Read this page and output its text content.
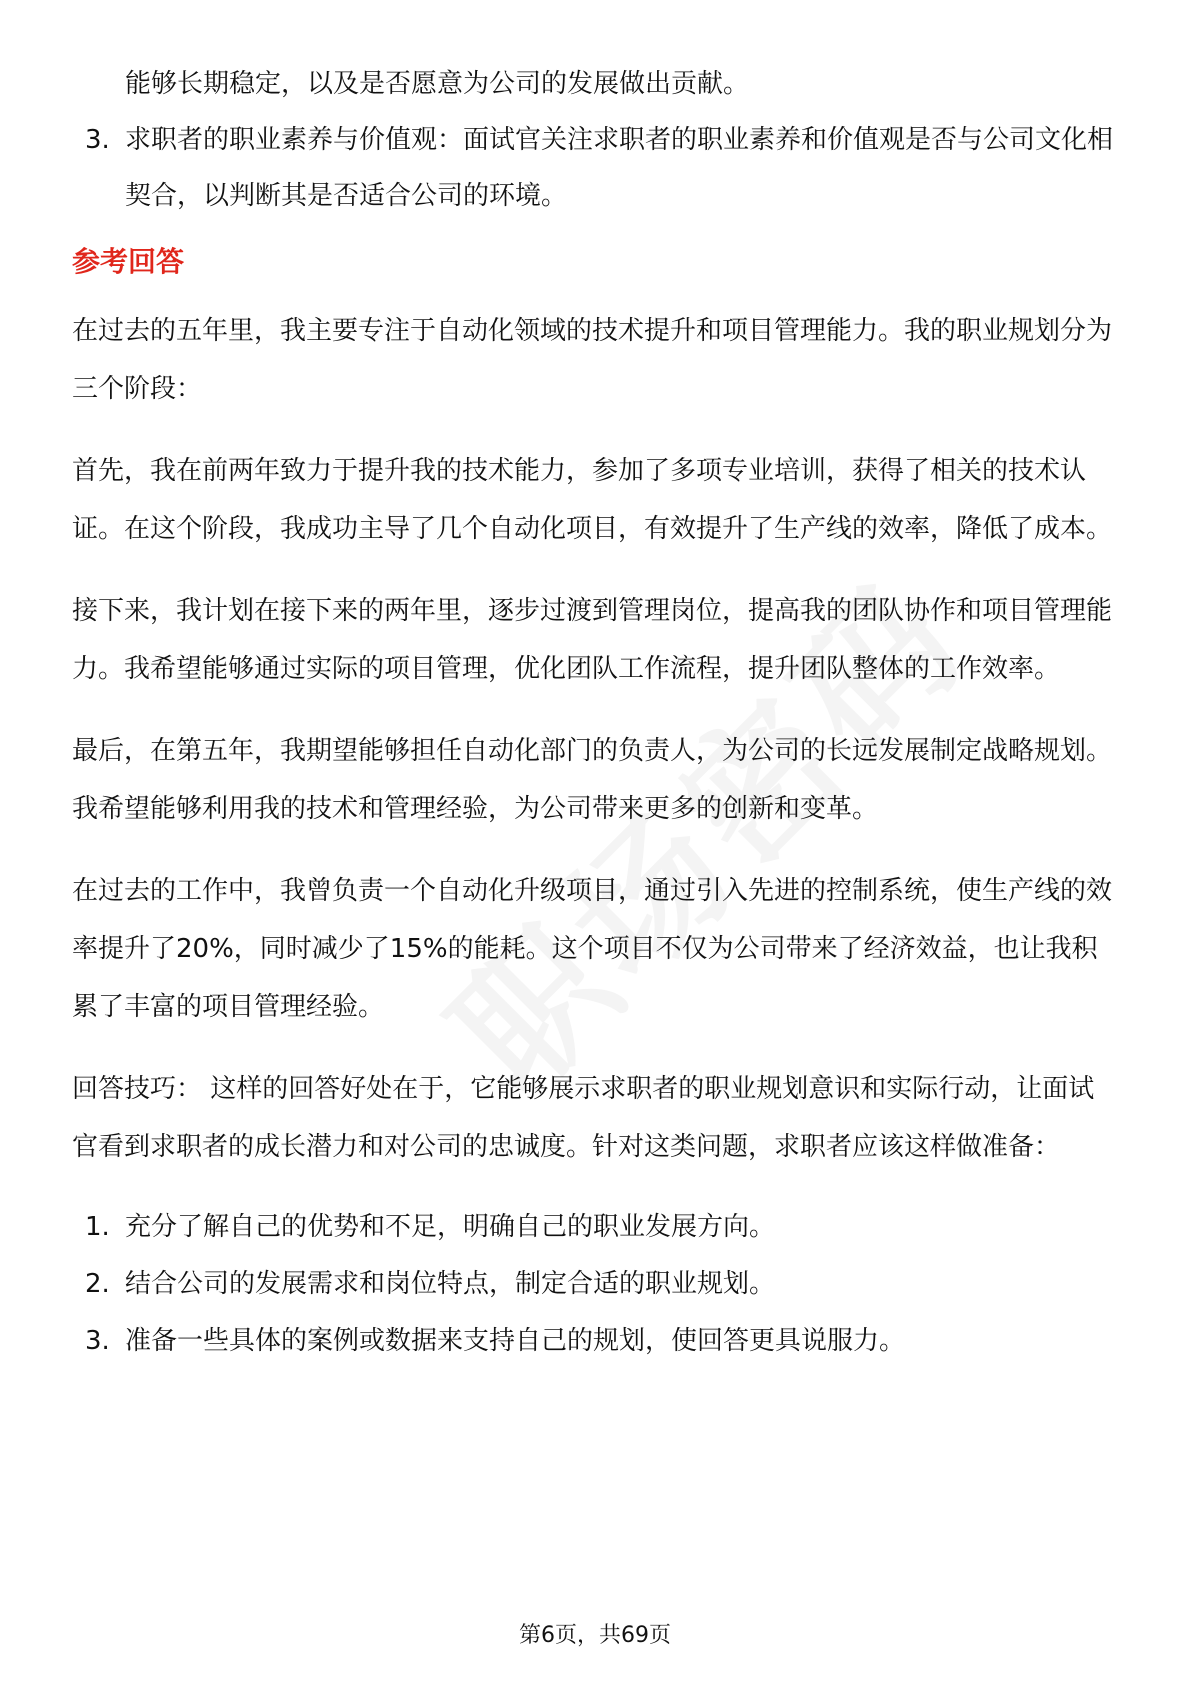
能够长期稳定，以及是否愿意为公司的发展做出贡献。

3. 求职者的职业素养与价值观：面试官关注求职者的职业素养和价值观是否与公司文化相契合，以判断其是否适合公司的环境。
参考回答

在过去的五年里，我主要专注于自动化领域的技术提升和项目管理能力。我的职业规划分为三个阶段：

首先，我在前两年致力于提升我的技术能力，参加了多项专业培训，获得了相关的技术认证。在这个阶段，我成功主导了几个自动化项目，有效提升了生产线的效率，降低了成本。

接下来，我计划在接下来的两年里，逐步过渡到管理岗位，提高我的团队协作和项目管理能力。我希望能够通过实际的项目管理，优化团队工作流程，提升团队整体的工作效率。

最后，在第五年，我期望能够担任自动化部门的负责人，为公司的长远发展制定战略规划。我希望能够利用我的技术和管理经验，为公司带来更多的创新和变革。

在过去的工作中，我曾负责一个自动化升级项目，通过引入先进的控制系统，使生产线的效率提升了20%，同时减少了15%的能耗。这个项目不仅为公司带来了经济效益，也让我积累了丰富的项目管理经验。

回答技巧： 这样的回答好处在于，它能够展示求职者的职业规划意识和实际行动，让面试官看到求职者的成长潜力和对公司的忠诚度。针对这类问题，求职者应该这样做准备：

1. 充分了解自己的优势和不足，明确自己的职业发展方向。
2. 结合公司的发展需求和岗位特点，制定合适的职业规划。
3. 准备一些具体的案例或数据来支持自己的规划，使回答更具说服力。
第6页，共69页
